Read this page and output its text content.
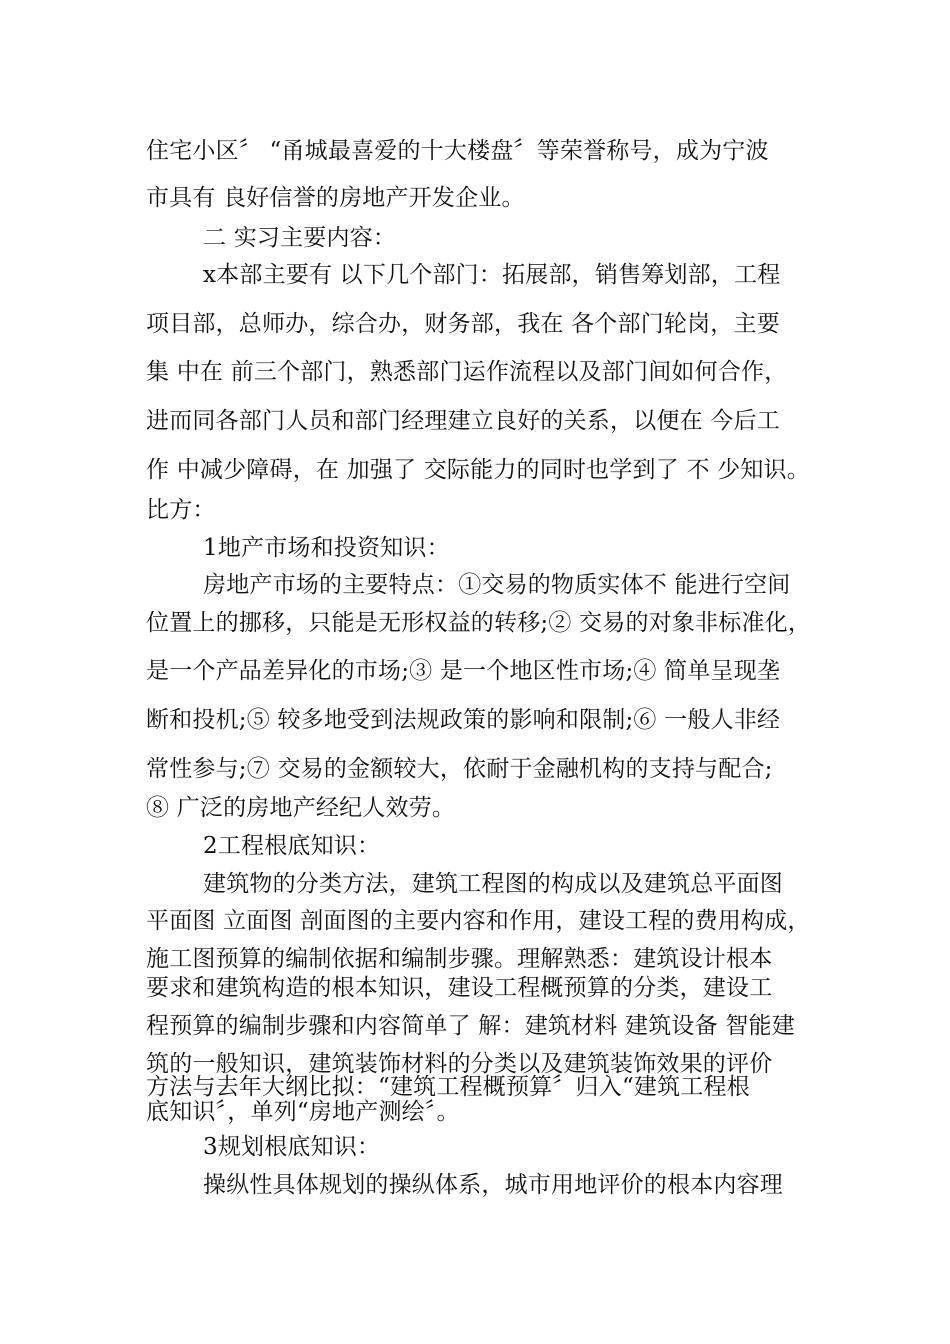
住宅小区〞 “甬城最喜爱的十大楼盘〞等荣誉称号，成为宁波
市具有 良好信誉的房地产开发企业。
二 实习主要内容：
x本部主要有 以下几个部门：拓展部，销售筹划部，工程
项目部，总师办，综合办，财务部，我在 各个部门轮岗，主要
集 中在 前三个部门，熟悉部门运作流程以及部门间如何合作，
进而同各部门人员和部门经理建立良好的关系，以便在 今后工
作 中减少障碍，在 加强了 交际能力的同时也学到了 不 少知识。
比方：
1地产市场和投资知识：
房地产市场的主要特点：①交易的物质实体不 能进行空间
位置上的挪移，只能是无形权益的转移;② 交易的对象非标准化，
是一个产品差异化的市场;③ 是一个地区性市场;④ 简单呈现垄
断和投机;⑤ 较多地受到法规政策的影响和限制;⑥ 一般人非经
常性参与;⑦ 交易的金额较大，依耐于金融机构的支持与配合;
⑧ 广泛的房地产经纪人效劳。
2工程根底知识：
建筑物的分类方法，建筑工程图的构成以及建筑总平面图
平面图 立面图 剖面图的主要内容和作用，建设工程的费用构成，
施工图预算的编制依据和编制步骤。理解熟悉：建筑设计根本
要求和建筑构造的根本知识，建设工程概预算的分类，建设工
程预算的编制步骤和内容简单了 解：建筑材料 建筑设备 智能建
筑的一般知识，建筑装饰材料的分类以及建筑装饰效果的评价
方法与去年大纲比拟：“建筑工程概预算〞归入“建筑工程根
底知识〞，单列“房地产测绘〞。
3规划根底知识：
操纵性具体规划的操纵体系，城市用地评价的根本内容理
